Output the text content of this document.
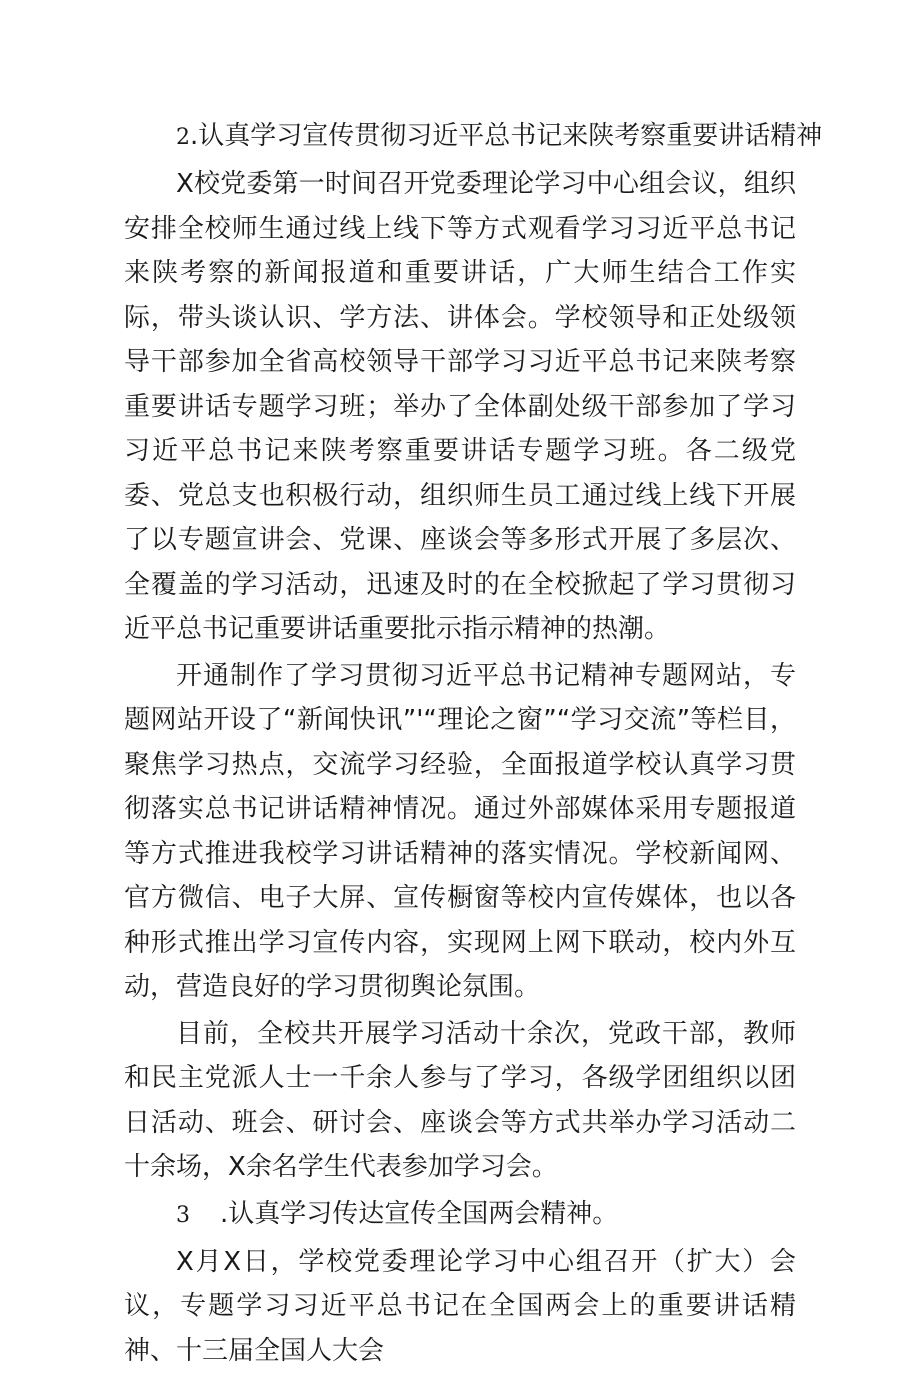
2.认真学习宣传贯彻习近平总书记来陕考察重要讲话精神

X校党委第一时间召开党委理论学习中心组会议，组织安排全校师生通过线上线下等方式观看学习习近平总书记来陕考察的新闻报道和重要讲话，广大师生结合工作实际，带头谈认识、学方法、讲体会。学校领导和正处级领导干部参加全省高校领导干部学习习近平总书记来陕考察重要讲话专题学习班；举办了全体副处级干部参加了学习习近平总书记来陕考察重要讲话专题学习班。各二级党委、党总支也积极行动，组织师生员工通过线上线下开展了以专题宣讲会、党课、座谈会等多形式开展了多层次、全覆盖的学习活动，迅速及时的在全校掀起了学习贯彻习近平总书记重要讲话重要批示指示精神的热潮。

开通制作了学习贯彻习近平总书记精神专题网站，专题网站开设了“新闻快讯”'“理论之窗”“学习交流”等栏目，聚焦学习热点，交流学习经验，全面报道学校认真学习贯彻落实总书记讲话精神情况。通过外部媒体采用专题报道等方式推进我校学习讲话精神的落实情况。学校新闻网、官方微信、电子大屏、宣传橱窗等校内宣传媒体，也以各种形式推出学习宣传内容，实现网上网下联动，校内外互动，营造良好的学习贯彻舆论氛围。

目前，全校共开展学习活动十余次，党政干部，教师和民主党派人士一千余人参与了学习，各级学团组织以团日活动、班会、研讨会、座谈会等方式共举办学习活动二十余场，X余名学生代表参加学习会。

3 .认真学习传达宣传全国两会精神。

X月X日，学校党委理论学习中心组召开（扩大）会议，专题学习习近平总书记在全国两会上的重要讲话精神、十三届全国人大会
